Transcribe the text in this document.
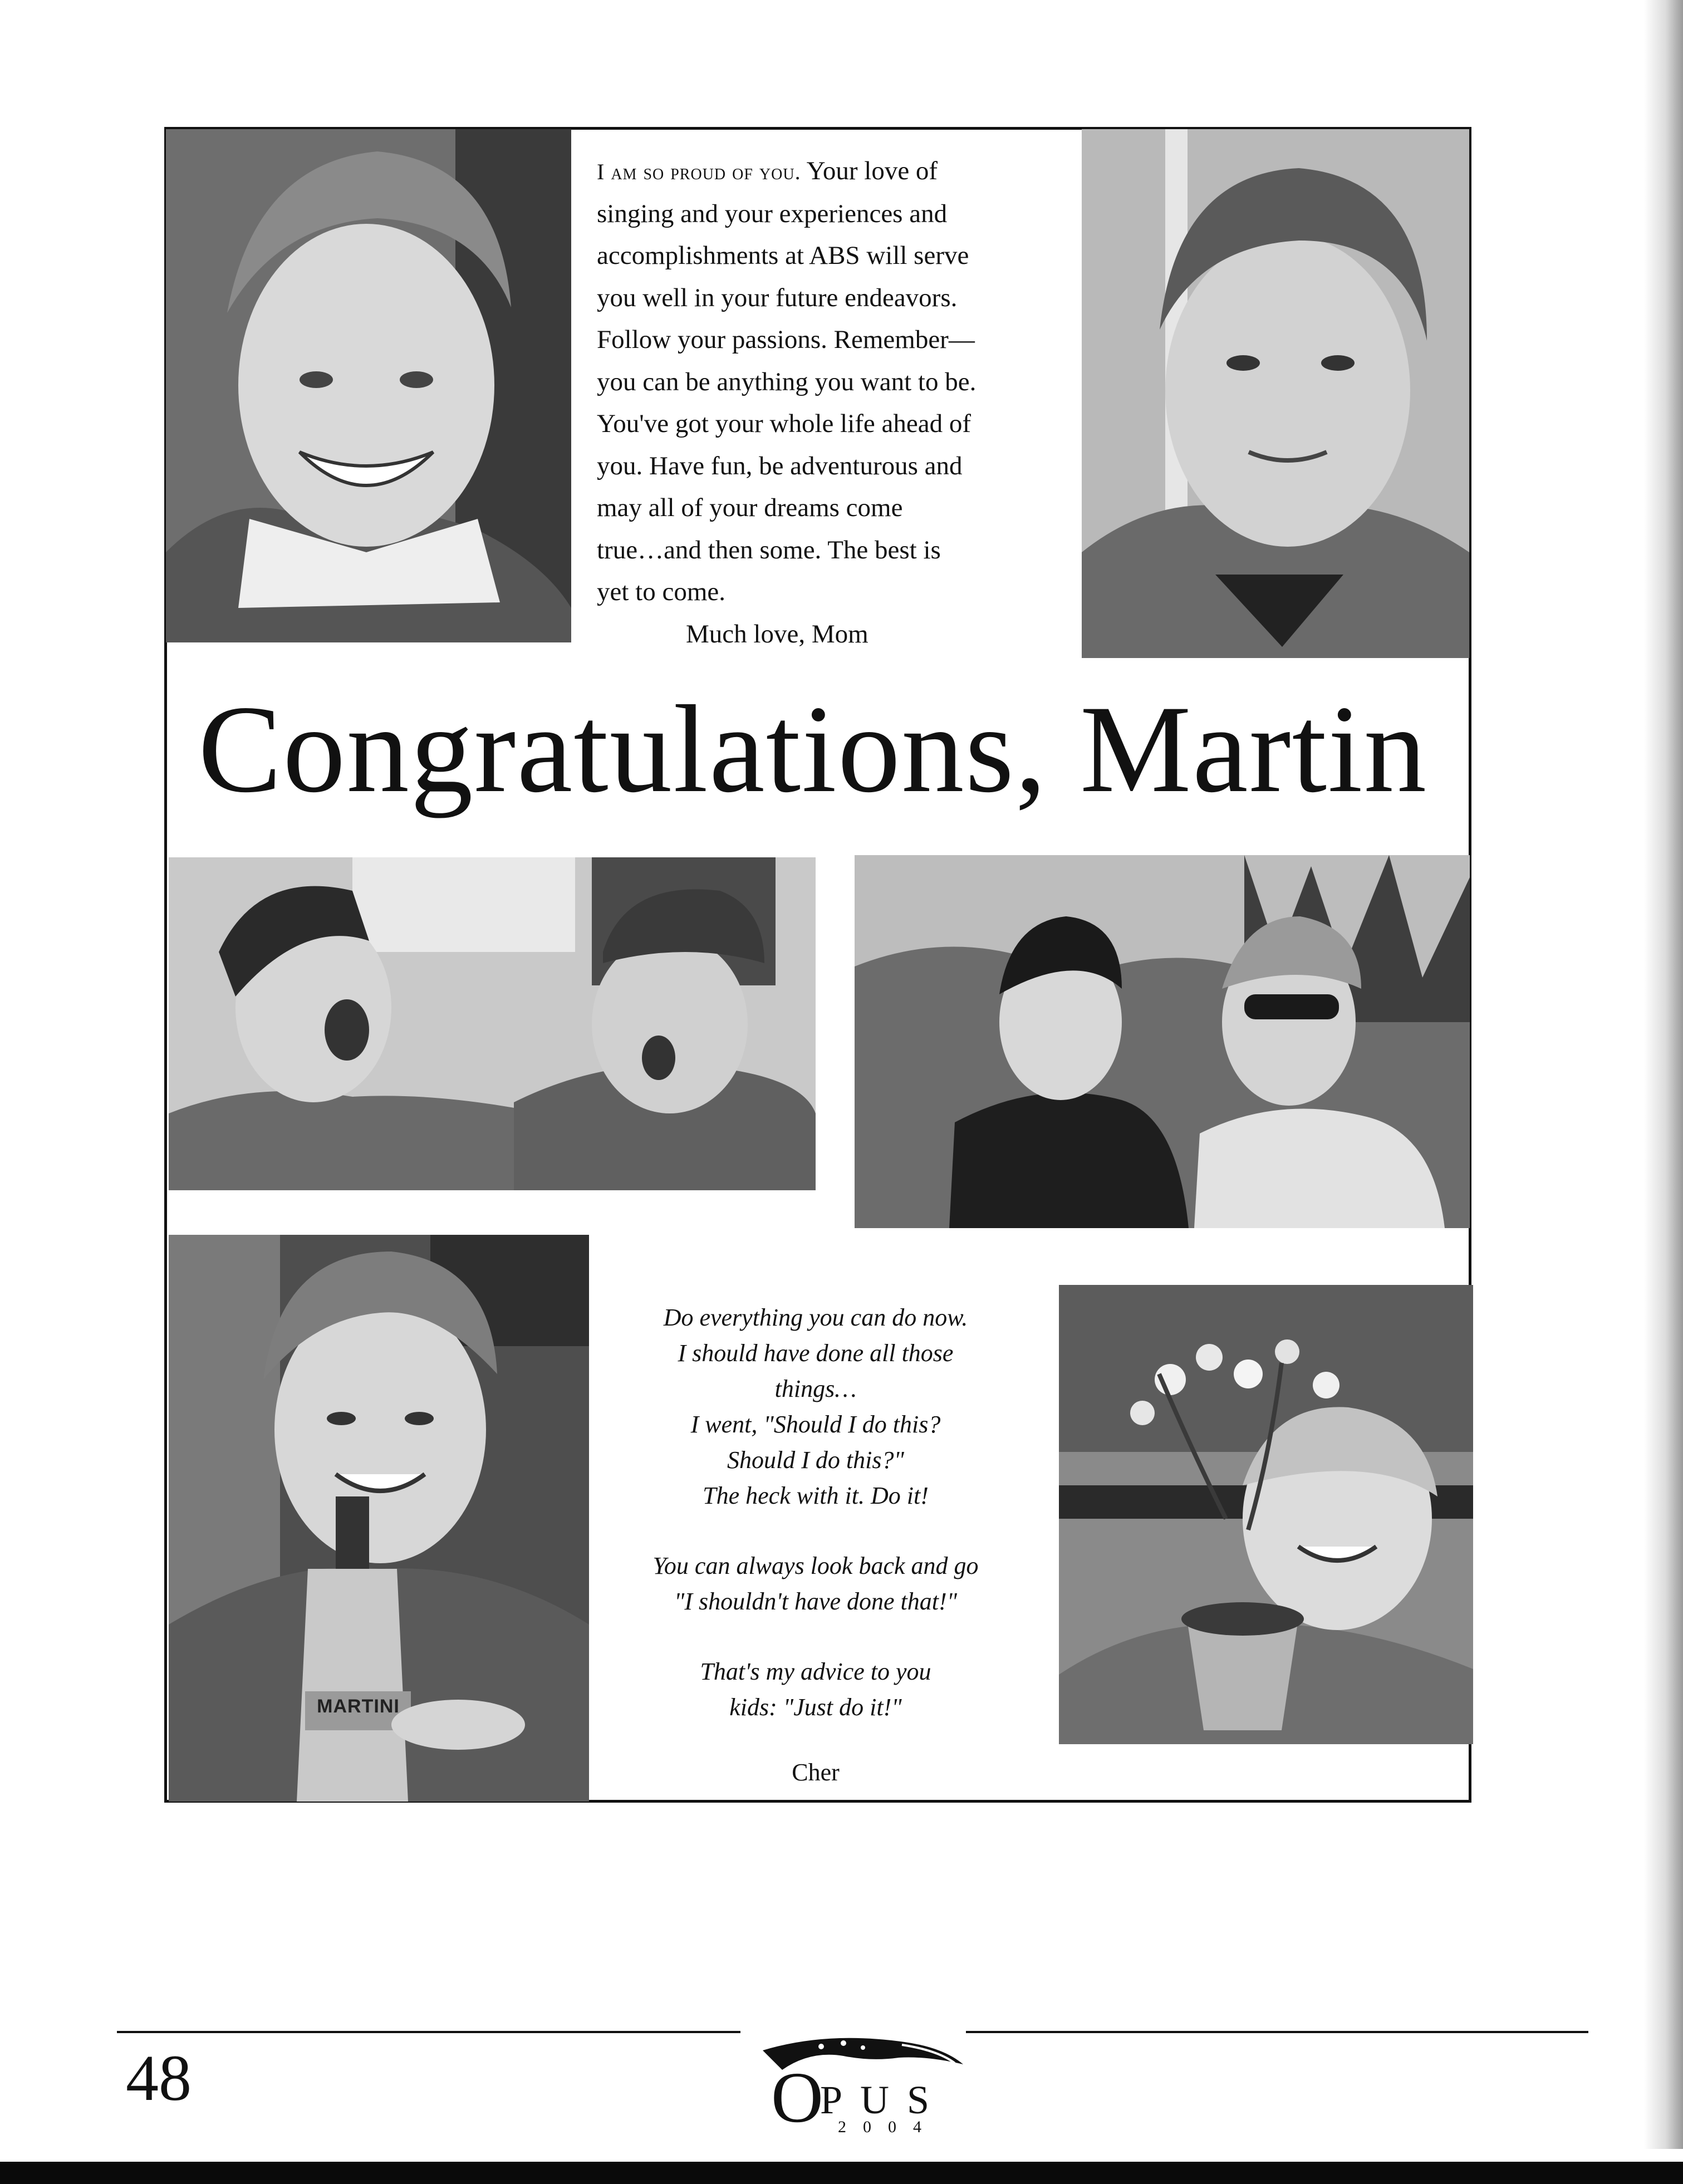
I am so proud of you. Your love of
singing and your experiences and
accomplishments at ABS will serve
you well in your future endeavors.
Follow your passions. Remember—
you can be anything you want to be.
You've got your whole life ahead of
you. Have fun, be adventurous and
may all of your dreams come
true…and then some. The best is
yet to come.

Much love, Mom
Congratulations, Martin
MARTINI

Do everything you can do now.

I should have done all those

things…

I went, "Should I do this?

Should I do this?"

The heck with it. Do it!

You can always look back and go

"I shouldn't have done that!"

That's my advice to you

kids: "Just do it!"

Cher
48	O
PUS
2004
